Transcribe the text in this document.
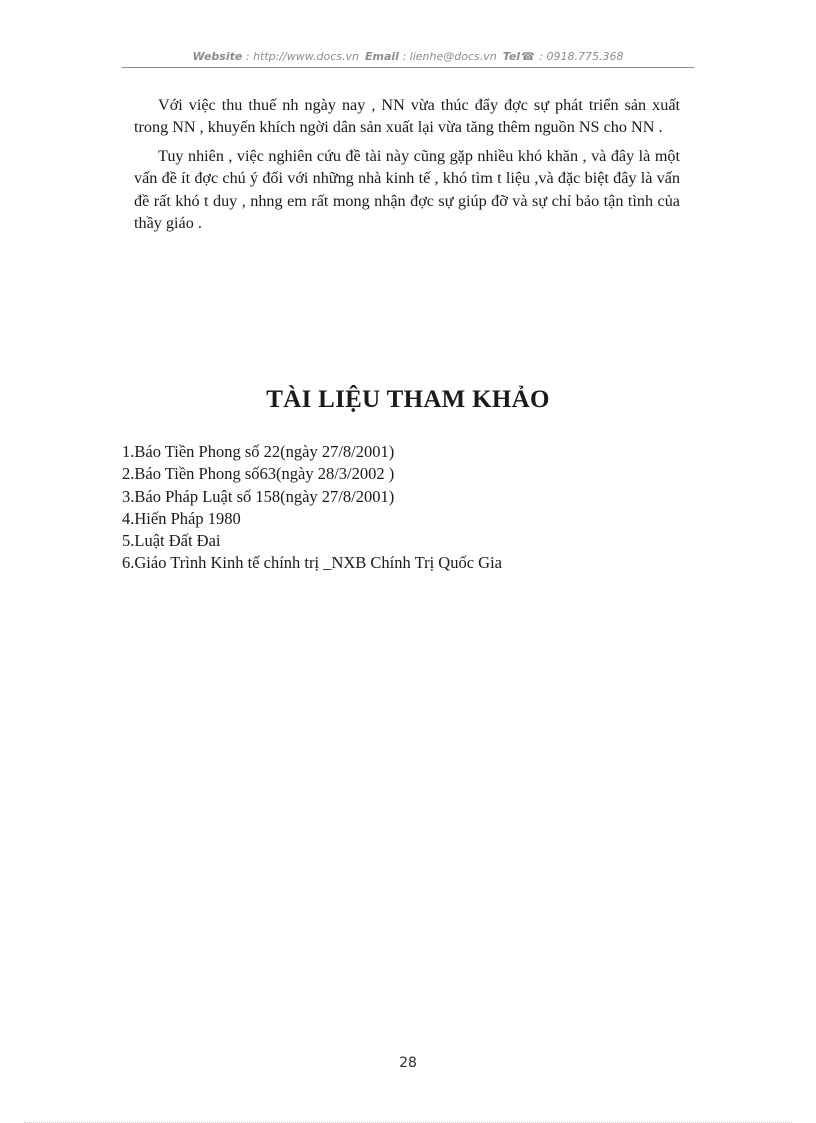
Website : http://www.docs.vn Email : lienhe@docs.vn Tel☎ : 0918.775.368

Với việc thu thuế nh ngày nay , NN vừa thúc đẩy đợc sự phát triển sản xuất trong NN , khuyến khích ngời dân sản xuất lại vừa tăng thêm nguồn NS cho NN .

Tuy nhiên , việc nghiên cứu đề tài này cũng gặp nhiều khó khăn , và đây là một vấn đề ít đợc chú ý đối với những nhà kinh tế , khó tìm t liệu ,và đặc biệt đây là vấn đề rất khó t duy , nhng em rất mong nhận đợc sự giúp đỡ và sự chỉ bảo tận tình của thầy giáo .

TÀI LIỆU THAM KHẢO
1.Báo Tiền Phong số 22(ngày 27/8/2001)
2.Báo Tiền Phong số63(ngày 28/3/2002 )
3.Báo Pháp Luật số 158(ngày 27/8/2001)
4.Hiến Pháp 1980
5.Luật Đất Đai
6.Giáo Trình Kinh tế chính trị _NXB Chính Trị Quốc Gia
28
